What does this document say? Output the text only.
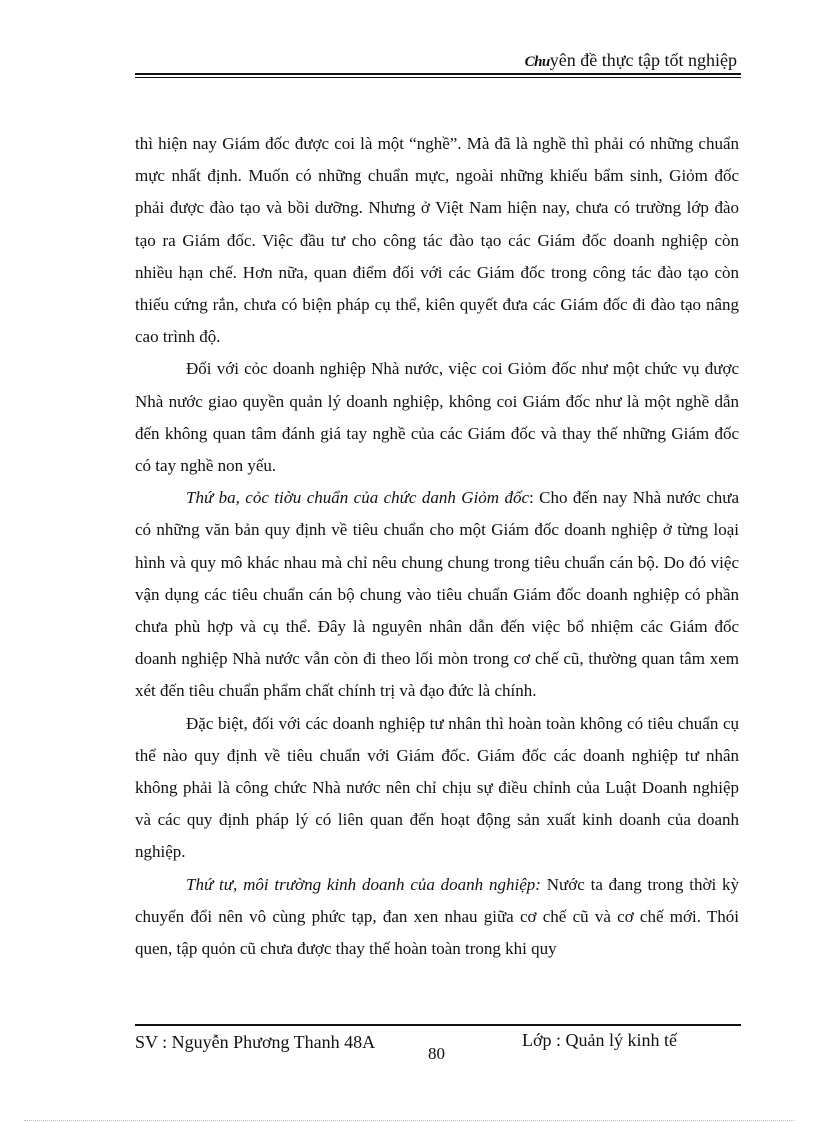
Chuyên đề thực tập tốt nghiệp

thì hiện nay Giám đốc được coi là một “nghề”. Mà đã là nghề thì phải có những chuẩn mực nhất định. Muốn có những chuẩn mực, ngoài những khiếu bẩm sinh, Giỏm đốc phải được đào tạo và bồi dưỡng. Nhưng ở Việt Nam hiện nay, chưa có trường lớp đào tạo ra Giám đốc. Việc đầu tư cho công tác đào tạo các Giám đốc doanh nghiệp còn nhiều hạn chế. Hơn nữa, quan điểm đối với các Giám đốc trong công tác đào tạo còn thiếu cứng rắn, chưa có biện pháp cụ thể, kiên quyết đưa các Giám đốc đi đào tạo nâng cao trình độ.

Đối với cỏc doanh nghiệp Nhà nước, việc coi Giỏm đốc như một chức vụ được Nhà nước giao quyền quản lý doanh nghiệp, không coi Giám đốc như là một nghề dẫn đến không quan tâm đánh giá tay nghề của các Giám đốc và thay thế những Giám đốc có tay nghề non yếu.

Thứ ba, cỏc tiờu chuẩn của chức danh Giỏm đốc: Cho đến nay Nhà nước chưa có những văn bản quy định về tiêu chuẩn cho một Giám đốc doanh nghiệp ở từng loại hình và quy mô khác nhau mà chỉ nêu chung chung trong tiêu chuẩn cán bộ. Do đó việc vận dụng các tiêu chuẩn cán bộ chung vào tiêu chuẩn Giám đốc doanh nghiệp có phần chưa phù hợp và cụ thể. Đây là nguyên nhân dẫn đến việc bổ nhiệm các Giám đốc doanh nghiệp Nhà nước vẫn còn đi theo lối mòn trong cơ chế cũ, thường quan tâm xem xét đến tiêu chuẩn phẩm chất chính trị và đạo đức là chính.

Đặc biệt, đối với các doanh nghiệp tư nhân thì hoàn toàn không có tiêu chuẩn cụ thể nào quy định về tiêu chuẩn với Giám đốc. Giám đốc các doanh nghiệp tư nhân không phải là công chức Nhà nước nên chỉ chịu sự điều chỉnh của Luật Doanh nghiệp và các quy định pháp lý có liên quan đến hoạt động sản xuất kinh doanh của doanh nghiệp.

Thứ tư, môi trường kinh doanh của doanh nghiệp: Nước ta đang trong thời kỳ chuyển đổi nên vô cùng phức tạp, đan xen nhau giữa cơ chế cũ và cơ chế mới. Thói quen, tập quỏn cũ chưa được thay thế hoàn toàn trong khi quy

SV : Nguyễn Phương Thanh 48A
80
Lớp : Quản lý kinh tế
